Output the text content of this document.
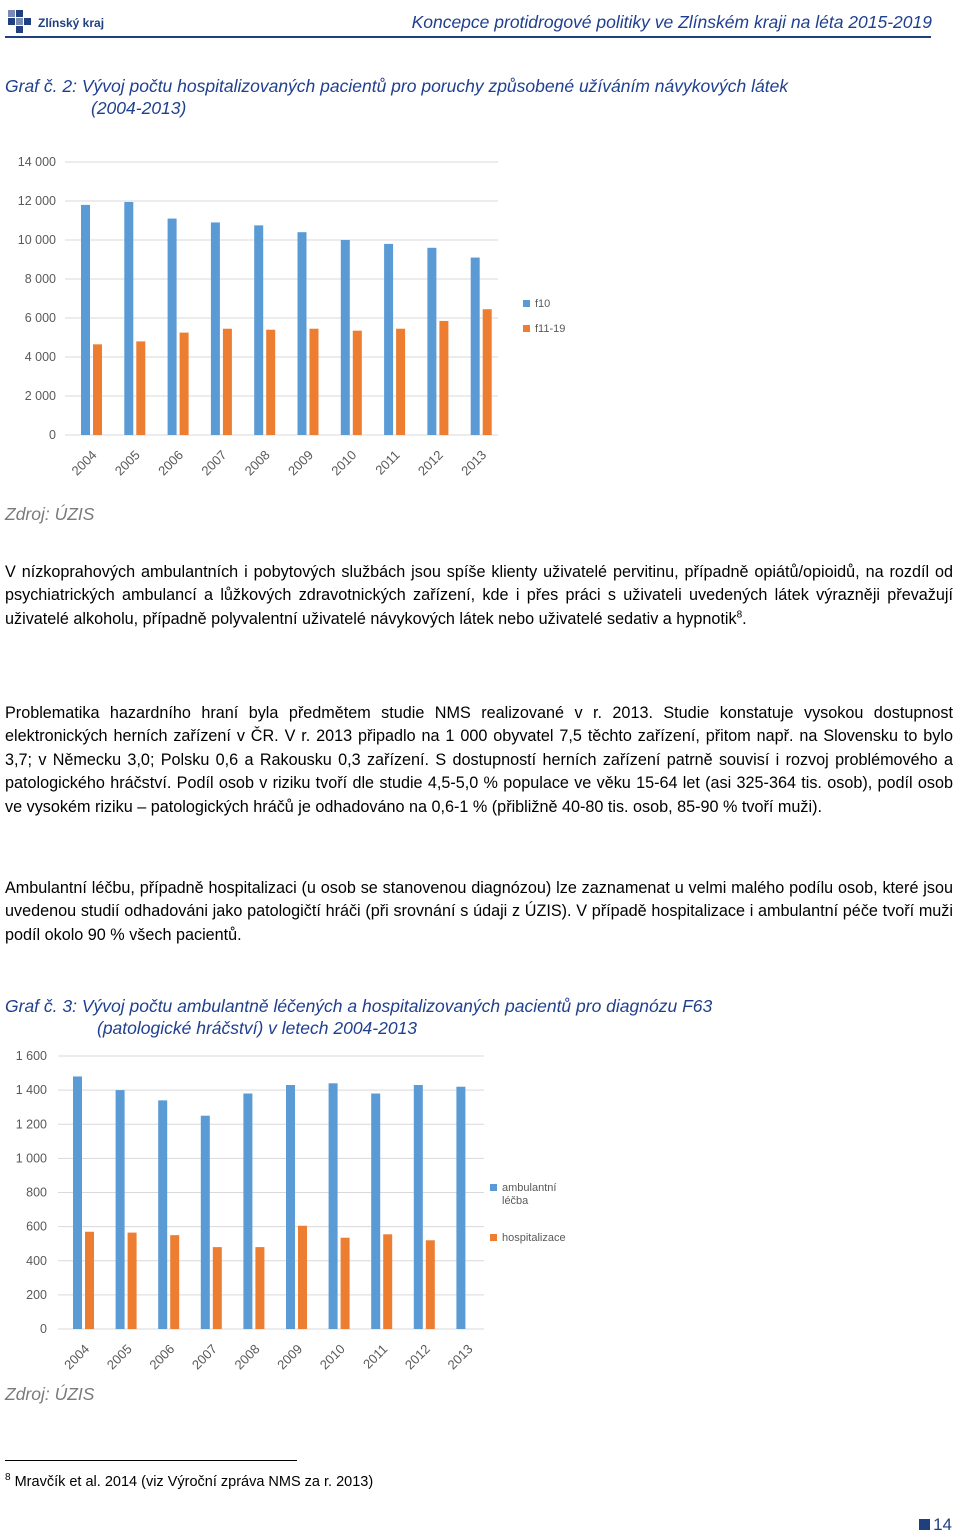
Zlínský kraj	Koncepce protidrogové politiky ve Zlínském kraji na léta 2015-2019
Graf č. 2: Vývoj počtu hospitalizovaných pacientů pro poruchy způsobené užíváním návykových látek
(2004-2013)
0
2 000
4 000
6 000
8 000
10 000
12 000
14 000
2004 2005 2006 2007 2008 2009 2010 2011 2012 2013
f10
f11-19
Zdroj: ÚZIS
V nízkoprahových ambulantních i pobytových službách jsou spíše klienty uživatelé pervitinu, případně opiátů/opioidů, na rozdíl od psychiatrických ambulancí a lůžkových zdravotnických zařízení, kde i přes práci s uživateli uvedených látek výrazněji převažují uživatelé alkoholu, případně polyvalentní uživatelé návykových látek nebo uživatelé sedativ a hypnotik$^8$.
Problematika hazardního hraní byla předmětem studie NMS realizované v r. 2013. Studie konstatuje vysokou dostupnost elektronických herních zařízení v ČR. V r. 2013 připadlo na 1 000 obyvatel 7,5 těchto zařízení, přitom např. na Slovensku to bylo 3,7; v Německu 3,0; Polsku 0,6 a Rakousku 0,3 zařízení. S dostupností herních zařízení patrně souvisí i rozvoj problémového a patologického hráčství. Podíl osob v riziku tvoří dle studie 4,5-5,0 % populace ve věku 15-64 let (asi 325-364 tis. osob), podíl osob ve vysokém riziku – patologických hráčů je odhadováno na 0,6-1 % (přibližně 40-80 tis. osob, 85-90 % tvoří muži).
Ambulantní léčbu, případně hospitalizaci (u osob se stanovenou diagnózou) lze zaznamenat u velmi malého podílu osob, které jsou uvedenou studií odhadováni jako patologičtí hráči (při srovnání s údaji z ÚZIS). V případě hospitalizace i ambulantní péče tvoří muži podíl okolo 90 % všech pacientů.
Graf č. 3: Vývoj počtu ambulantně léčených a hospitalizovaných pacientů pro diagnózu F63
(patologické hráčství) v letech 2004-2013
0
200
400
600
800
1 000
1 200
1 400
1 600
2004 2005 2006 2007 2008 2009 2010 2011 2012 2013
ambulantní
léčba
hospitalizace
Zdroj: ÚZIS
$^8$ Mravčík et al. 2014 (viz Výroční zpráva NMS za r. 2013)
14
